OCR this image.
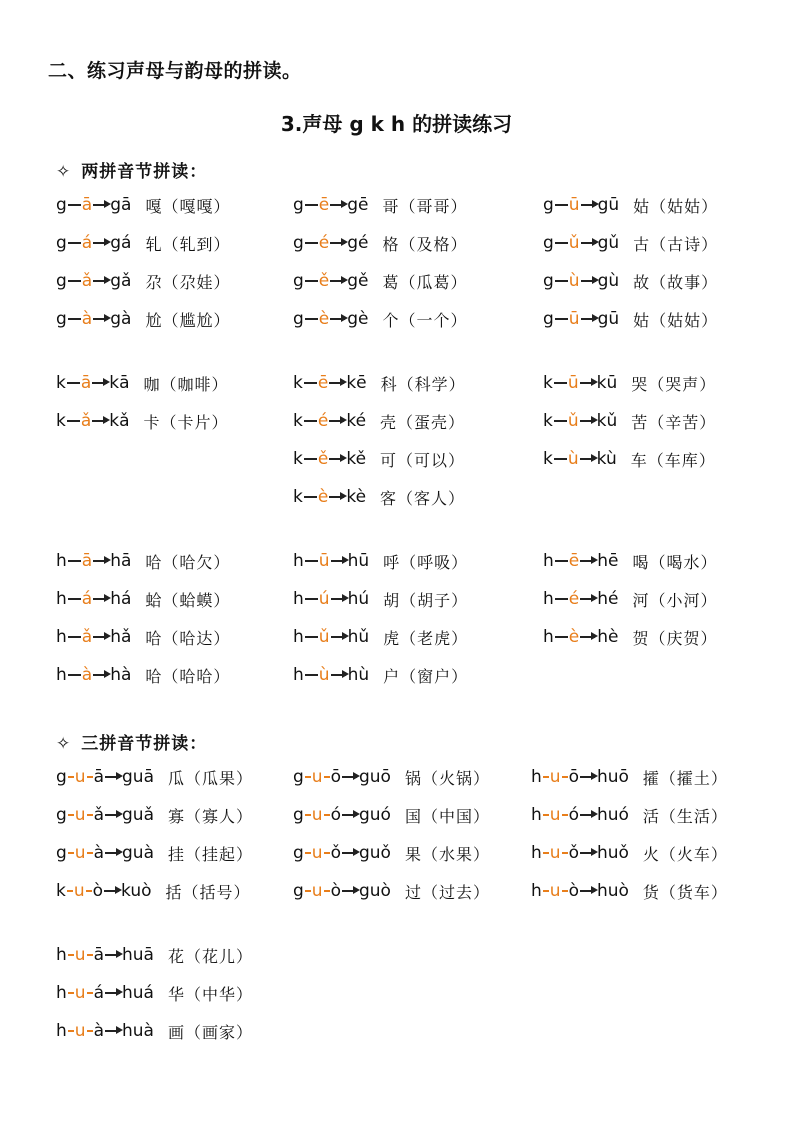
二、练习声母与韵母的拼读。
3.声母 g k h 的拼读练习
✧ 两拼音节拼读：
✧ 三拼音节拼读：
g ā gā 嘎（嘎嘎）
g á gá 轧（轧到）
g ǎ gǎ 尕（尕娃）
g à gà 尬（尴尬）
k ā kā 咖（咖啡）
k ǎ kǎ 卡（卡片）
h ā hā 哈（哈欠）
h á há 蛤（蛤蟆）
h ǎ hǎ 哈（哈达）
h à hà 哈（哈哈）
g ē gē 哥（哥哥）
g é gé 格（及格）
g ě gě 葛（瓜葛）
g è gè 个（一个）
k ē kē 科（科学）
k é ké 壳（蛋壳）
k ě kě 可（可以）
k è kè 客（客人）
h ū hū 呼（呼吸）
h ú hú 胡（胡子）
h ǔ hǔ 虎（老虎）
h ù hù 户（窗户）
g ū gū 姑（姑姑）
g ǔ gǔ 古（古诗）
g ù gù 故（故事）
g ū gū 姑（姑姑）
k ū kū 哭（哭声）
k ǔ kǔ 苦（辛苦）
k ù kù 车（车库）
h ē hē 喝（喝水）
h é hé 河（小河）
h è hè 贺（庆贺）
g u ā guā 瓜（瓜果）
g u ǎ guǎ 寡（寡人）
g u à guà 挂（挂起）
k u ò kuò 括（括号）
h u ā huā 花（花儿）
h u á huá 华（中华）
h u à huà 画（画家）
g u ō guō 锅（火锅）
g u ó guó 国（中国）
g u ǒ guǒ 果（水果）
g u ò guò 过（过去）
h u ō huō 攉（攉土）
h u ó huó 活（生活）
h u ǒ huǒ 火（火车）
h u ò huò 货（货车）
